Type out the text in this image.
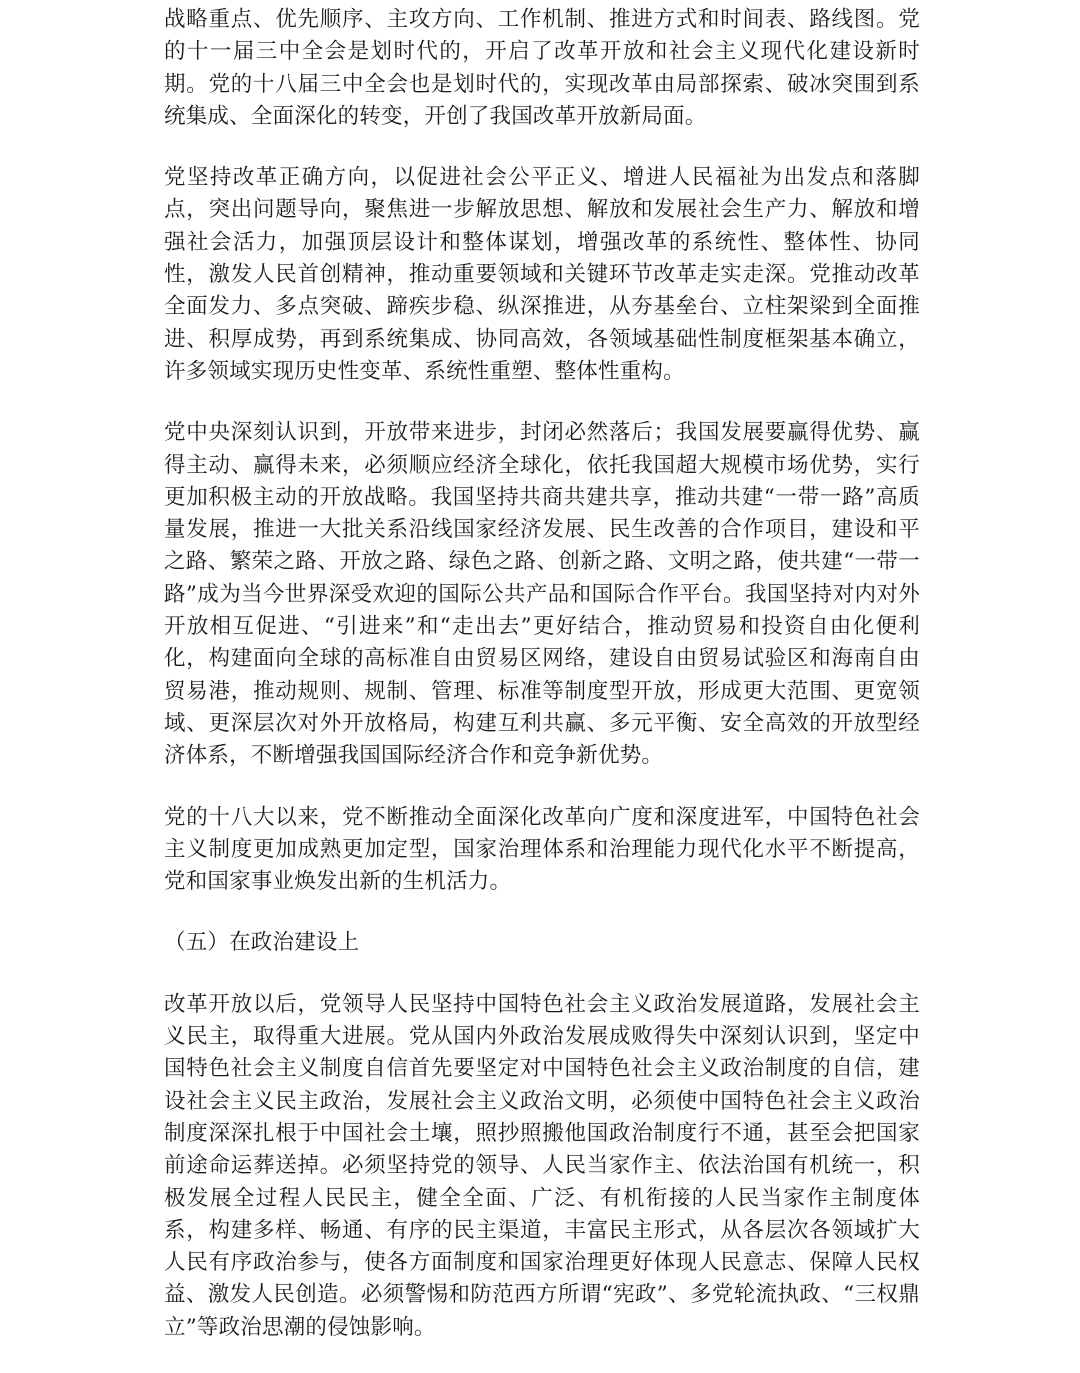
战略重点、优先顺序、主攻方向、工作机制、推进方式和时间表、路线图。党的十一届三中全会是划时代的，开启了改革开放和社会主义现代化建设新时期。党的十八届三中全会也是划时代的，实现改革由局部探索、破冰突围到系统集成、全面深化的转变，开创了我国改革开放新局面。

党坚持改革正确方向，以促进社会公平正义、增进人民福祉为出发点和落脚点，突出问题导向，聚焦进一步解放思想、解放和发展社会生产力、解放和增强社会活力，加强顶层设计和整体谋划，增强改革的系统性、整体性、协同性，激发人民首创精神，推动重要领域和关键环节改革走实走深。党推动改革全面发力、多点突破、蹄疾步稳、纵深推进，从夯基垒台、立柱架梁到全面推进、积厚成势，再到系统集成、协同高效，各领域基础性制度框架基本确立，许多领域实现历史性变革、系统性重塑、整体性重构。

党中央深刻认识到，开放带来进步，封闭必然落后；我国发展要赢得优势、赢得主动、赢得未来，必须顺应经济全球化，依托我国超大规模市场优势，实行更加积极主动的开放战略。我国坚持共商共建共享，推动共建“一带一路”高质量发展，推进一大批关系沿线国家经济发展、民生改善的合作项目，建设和平之路、繁荣之路、开放之路、绿色之路、创新之路、文明之路，使共建“一带一路”成为当今世界深受欢迎的国际公共产品和国际合作平台。我国坚持对内对外开放相互促进、“引进来”和“走出去”更好结合，推动贸易和投资自由化便利化，构建面向全球的高标准自由贸易区网络，建设自由贸易试验区和海南自由贸易港，推动规则、规制、管理、标准等制度型开放，形成更大范围、更宽领域、更深层次对外开放格局，构建互利共赢、多元平衡、安全高效的开放型经济体系，不断增强我国国际经济合作和竞争新优势。

党的十八大以来，党不断推动全面深化改革向广度和深度进军，中国特色社会主义制度更加成熟更加定型，国家治理体系和治理能力现代化水平不断提高，党和国家事业焕发出新的生机活力。

（五）在政治建设上

改革开放以后，党领导人民坚持中国特色社会主义政治发展道路，发展社会主义民主，取得重大进展。党从国内外政治发展成败得失中深刻认识到，坚定中国特色社会主义制度自信首先要坚定对中国特色社会主义政治制度的自信，建设社会主义民主政治，发展社会主义政治文明，必须使中国特色社会主义政治制度深深扎根于中国社会土壤，照抄照搬他国政治制度行不通，甚至会把国家前途命运葬送掉。必须坚持党的领导、人民当家作主、依法治国有机统一，积极发展全过程人民民主，健全全面、广泛、有机衔接的人民当家作主制度体系，构建多样、畅通、有序的民主渠道，丰富民主形式，从各层次各领域扩大人民有序政治参与，使各方面制度和国家治理更好体现人民意志、保障人民权益、激发人民创造。必须警惕和防范西方所谓“宪政”、多党轮流执政、“三权鼎立”等政治思潮的侵蚀影响。
